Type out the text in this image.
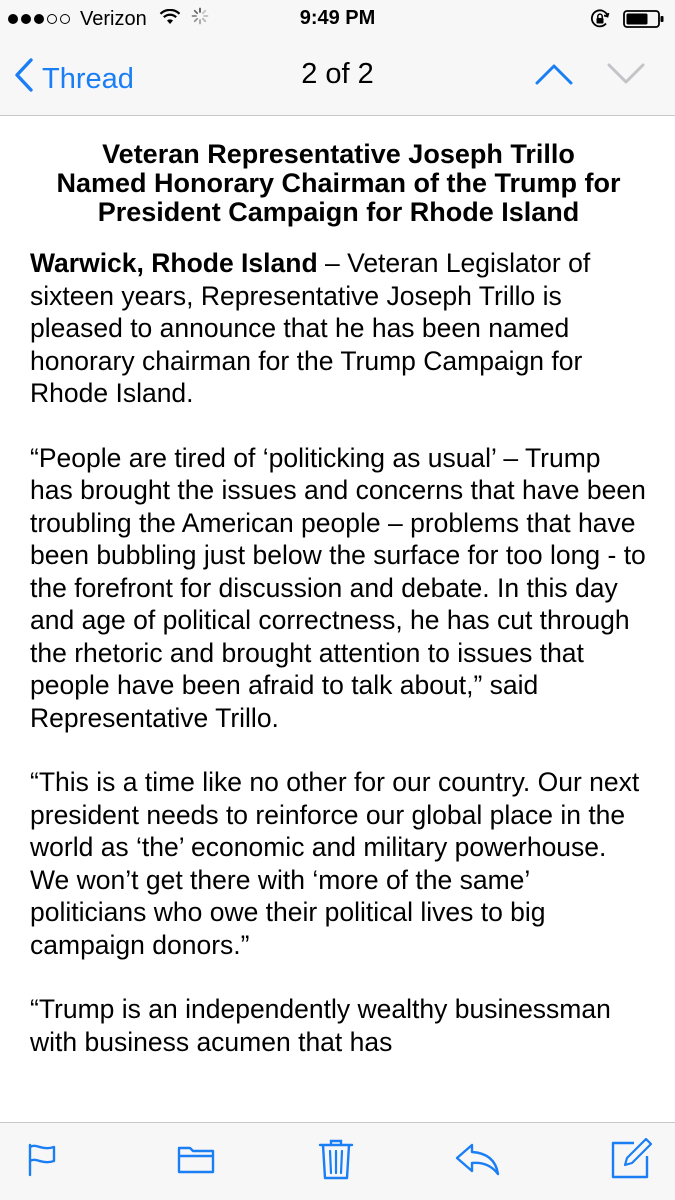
Verizon	9:49 PM
Thread	2 of 2
Veteran Representative Joseph Trillo Named Honorary Chairman of the Trump for President Campaign for Rhode Island

Warwick, Rhode Island – Veteran Legislator of sixteen years, Representative Joseph Trillo is pleased to announce that he has been named honorary chairman for the Trump Campaign for Rhode Island.

“People are tired of ‘politicking as usual’ – Trump has brought the issues and concerns that have been troubling the American people – problems that have been bubbling just below the surface for too long - to the forefront for discussion and debate. In this day and age of political correctness, he has cut through the rhetoric and brought attention to issues that people have been afraid to talk about,” said Representative Trillo.

“This is a time like no other for our country. Our next president needs to reinforce our global place in the world as ‘the’ economic and military powerhouse. We won’t get there with ‘more of the same’ politicians who owe their political lives to big campaign donors.”

“Trump is an independently wealthy businessman with business acumen that has
